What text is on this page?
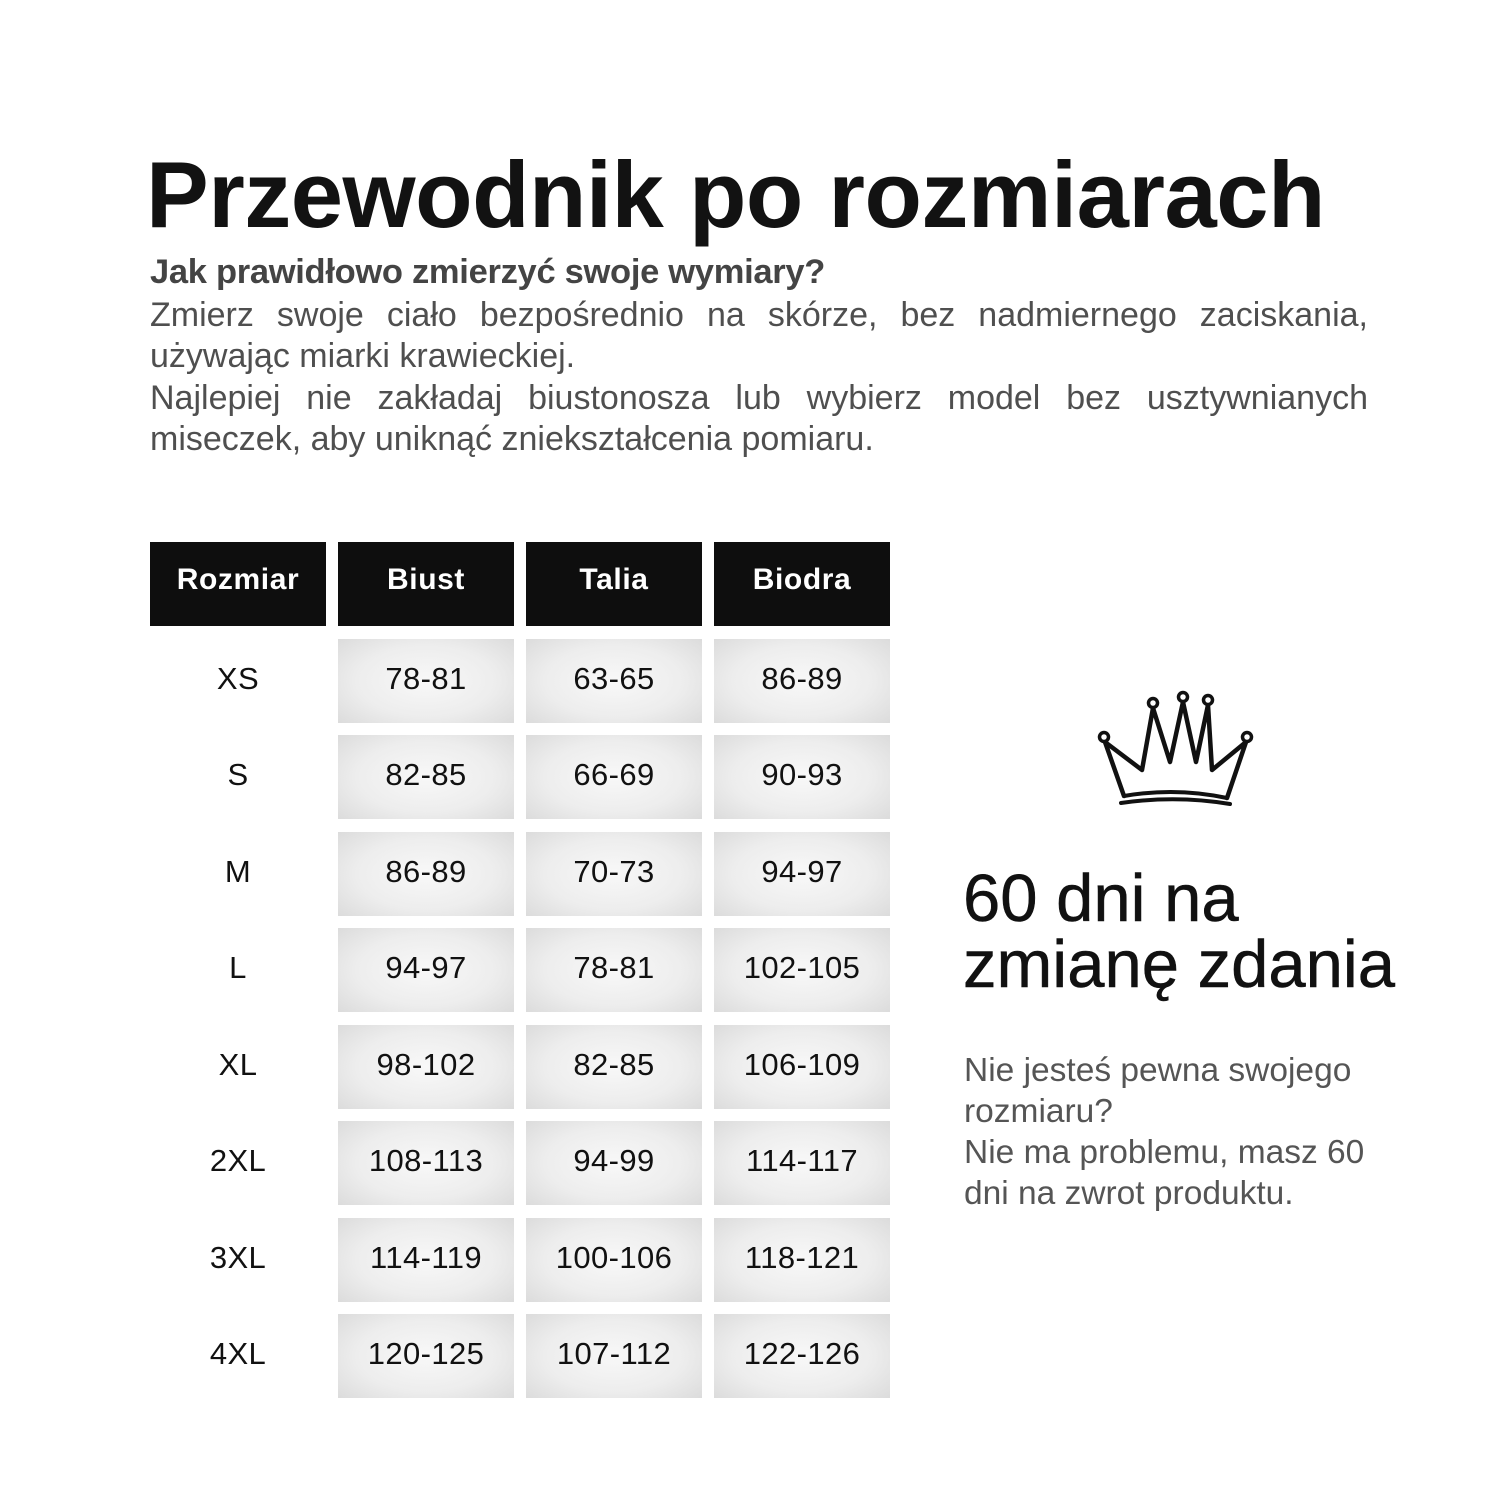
Przewodnik po rozmiarach
Jak prawidłowo zmierzyć swoje wymiary?

Zmierz swoje ciało bezpośrednio na skórze, bez nadmiernego zaciskania, używając miarki krawieckiej.

Najlepiej nie zakładaj biustonosza lub wybierz model bez usztywnianych miseczek, aby uniknąć zniekształcenia pomiaru.

Rozmiar	Biust	Talia	Biodra
XS	78-81	63-65	86-89
S	82-85	66-69	90-93
M	86-89	70-73	94-97
L	94-97	78-81	102-105
XL	98-102	82-85	106-109
2XL	108-113	94-99	114-117
3XL	114-119	100-106	118-121
4XL	120-125	107-112	122-126
60 dni na
zmianę zdania

Nie jesteś pewna swojego rozmiaru?

Nie ma problemu, masz 60 dni na zwrot produktu.
